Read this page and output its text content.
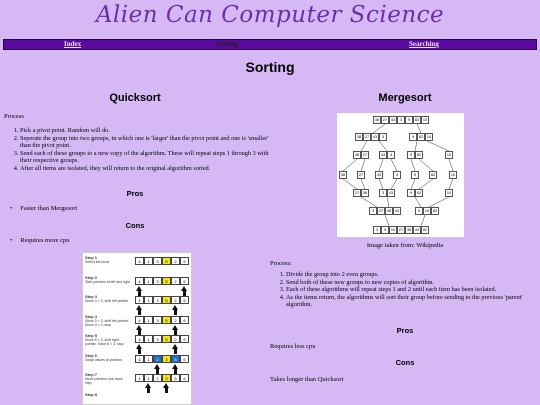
Alien Can Computer Science
Index	Sorting	Searching
Sorting
Quicksort
Process
1. Pick a pivot point. Random will do.
2. Seperate the group into two groups, in which one is 'larger' than the pivot point and one is 'smaller' than the pivot point.
3. Send each of these groups to a new copy of the algorithm. These will repeat steps 1 through 3 with their respective groups.
4. After all items are isolated, they will return to the original algorithm sorted.
Pros
• Faster than Mergesort
Cons
• Requires more cpu
Step 1
Select the pivot	4	1	3	5	2	6
Step 2
Start pointers at left and right	4	1	3	5	2	6
Step 3
Since 4 > 3, shift left pointer	4	1	3	5	2	6
Step 4
Since 2 < 3, shift left pointer. Since 4 > 3, stop
4	1	3	5	2	6
Step 5
Since 5 > 3, shift right pointer. Since 6 > 3, stop
4	1	3	5	2	6
Step 6
Swap values at pointers	4	1	2	3	5	6
Step 7
Move pointers one more step
4	1	2	3	5	6
Step 8
Mergesort
38 27 43	3	9	82 10
38 27 43	3	9	82 10
38 27	43	3	9	82	10
38	27	43	3	9	82	10
27 38	3	43	9	82	10
3	27 38 43	9	10 82
3	9	10 27 38 43 82
Image taken from: Wikipedia
Process:
1. Divide the group into 2 even groups.
2. Send both of these new groups to new copies of algorithm.
3. Each of these algorithms will repeat steps 1 and 2 until each item has been isolated.
4. As the items return, the algorithms will sort their group before sending to the previous 'parent' algorithm.
Pros
Requires less cpu
Cons
Takes longer than Quicksort
